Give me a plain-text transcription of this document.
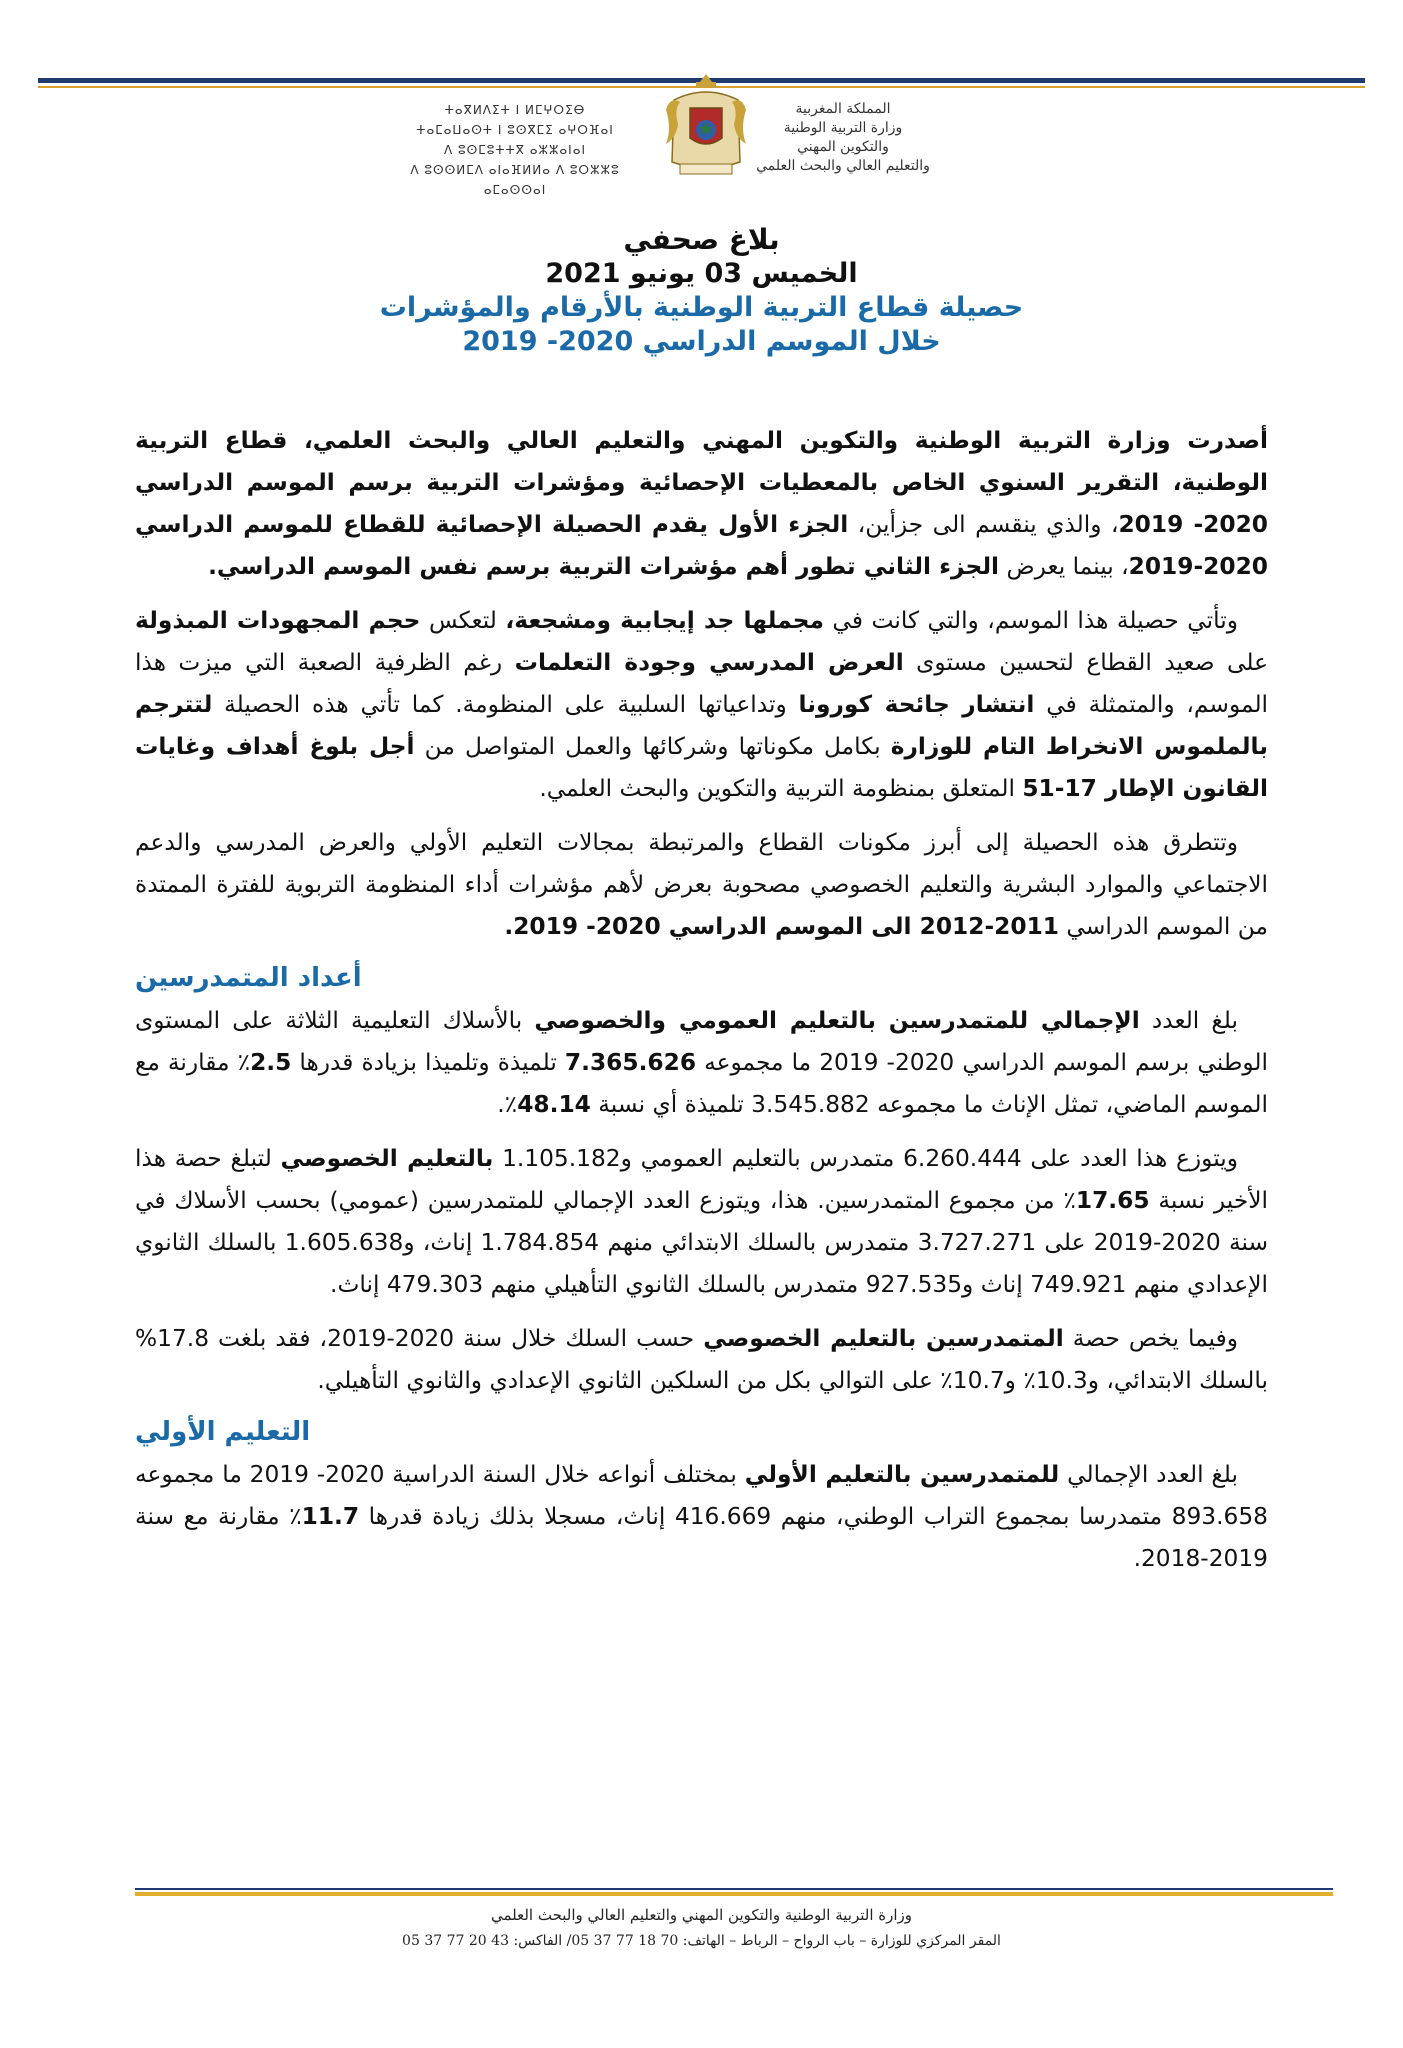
المملكة المغربية
وزارة التربية الوطنية
والتكوين المهني
والتعليم العالي والبحث العلمي
ⵜⴰⴳⵍⴷⵉⵜ ⵏ ⵍⵎⵖⵔⵉⴱ
ⵜⴰⵎⴰⵡⴰⵙⵜ ⵏ ⵓⵙⴳⵎⵉ ⴰⵖⵔⴼⴰⵏ
ⴷ ⵓⵙⵎⵓⵜⵜⴳ ⴰⵣⵣⴰⵏⴰⵏ
ⴷ ⵓⵙⵙⵍⵎⴷ ⴰⵏⴰⴼⵍⵍⴰ ⴷ ⵓⵔⵣⵣⵓ ⴰⵎⴰⵙⵙⴰⵏ
بلاغ صحفي
الخميس 03 يونيو 2021
حصيلة قطاع التربية الوطنية بالأرقام والمؤشرات
خلال الموسم الدراسي 2020- 2019

أصدرت وزارة التربية الوطنية والتكوين المهني والتعليم العالي والبحث العلمي، قطاع التربية الوطنية، التقرير السنوي الخاص بالمعطيات الإحصائية ومؤشرات التربية برسم الموسم الدراسي 2020- 2019، والذي ينقسم الى جزأين، الجزء الأول يقدم الحصيلة الإحصائية للقطاع للموسم الدراسي 2020-2019، بينما يعرض الجزء الثاني تطور أهم مؤشرات التربية برسم نفس الموسم الدراسي.

وتأتي حصيلة هذا الموسم، والتي كانت في مجملها جد إيجابية ومشجعة، لتعكس حجم المجهودات المبذولة على صعيد القطاع لتحسين مستوى العرض المدرسي وجودة التعلمات رغم الظرفية الصعبة التي ميزت هذا الموسم، والمتمثلة في انتشار جائحة كورونا وتداعياتها السلبية على المنظومة. كما تأتي هذه الحصيلة لتترجم بالملموس الانخراط التام للوزارة بكامل مكوناتها وشركائها والعمل المتواصل من أجل بلوغ أهداف وغايات القانون الإطار 17-51 المتعلق بمنظومة التربية والتكوين والبحث العلمي.

وتتطرق هذه الحصيلة إلى أبرز مكونات القطاع والمرتبطة بمجالات التعليم الأولي والعرض المدرسي والدعم الاجتماعي والموارد البشرية والتعليم الخصوصي مصحوبة بعرض لأهم مؤشرات أداء المنظومة التربوية للفترة الممتدة من الموسم الدراسي 2011-2012 الى الموسم الدراسي 2020- 2019.

أعداد المتمدرسين

بلغ العدد الإجمالي للمتمدرسين بالتعليم العمومي والخصوصي بالأسلاك التعليمية الثلاثة على المستوى الوطني برسم الموسم الدراسي 2020- 2019 ما مجموعه 7.365.626 تلميذة وتلميذا بزيادة قدرها 2.5٪ مقارنة مع الموسم الماضي، تمثل الإناث ما مجموعه 3.545.882 تلميذة أي نسبة 48.14٪.

ويتوزع هذا العدد على 6.260.444 متمدرس بالتعليم العمومي و1.105.182 بالتعليم الخصوصي لتبلغ حصة هذا الأخير نسبة 17.65٪ من مجموع المتمدرسين. هذا، ويتوزع العدد الإجمالي للمتمدرسين (عمومي) بحسب الأسلاك في سنة 2020-2019 على 3.727.271 متمدرس بالسلك الابتدائي منهم 1.784.854 إناث، و1.605.638 بالسلك الثانوي الإعدادي منهم 749.921 إناث و927.535 متمدرس بالسلك الثانوي التأهيلي منهم 479.303 إناث.

وفيما يخص حصة المتمدرسين بالتعليم الخصوصي حسب السلك خلال سنة 2020-2019، فقد بلغت 17.8% بالسلك الابتدائي، و10.3٪ و10.7٪ على التوالي بكل من السلكين الثانوي الإعدادي والثانوي التأهيلي.

التعليم الأولي

بلغ العدد الإجمالي للمتمدرسين بالتعليم الأولي بمختلف أنواعه خلال السنة الدراسية 2020- 2019 ما مجموعه 893.658 متمدرسا بمجموع التراب الوطني، منهم 416.669 إناث، مسجلا بذلك زيادة قدرها 11.7٪ مقارنة مع سنة 2019-2018.

وزارة التربية الوطنية والتكوين المهني والتعليم العالي والبحث العلمي
المقر المركزي للوزارة – باب الرواح – الرباط – الهاتف: 70 18 77 37 05/ الفاكس: 43 20 77 37 05
